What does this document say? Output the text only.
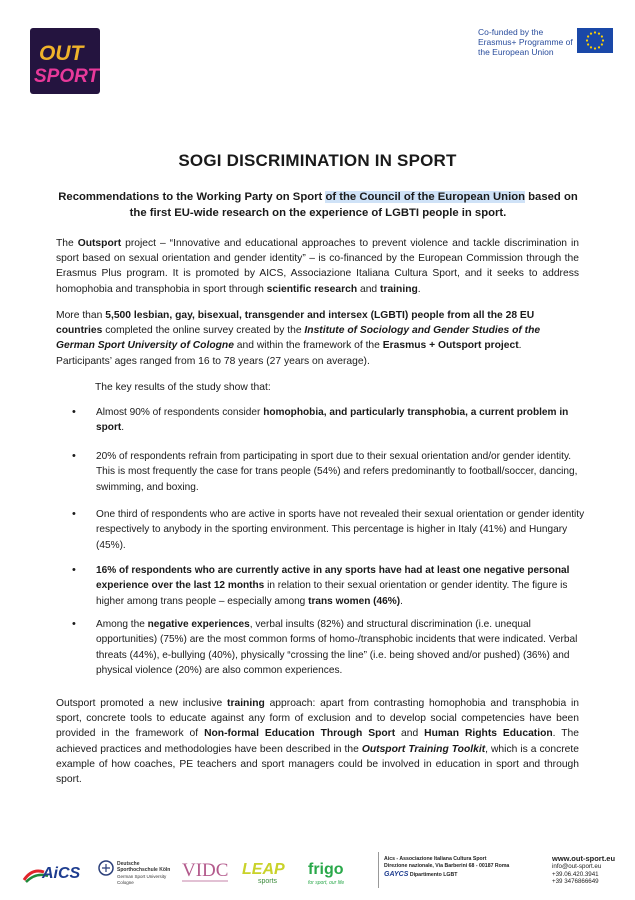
OUT
SPORT
Co-funded by the Erasmus+ Programme of the European Union
SOGI DISCRIMINATION IN SPORT
Recommendations to the Working Party on Sport of the Council of the European Union based on the first EU-wide research on the experience of LGBTI people in sport.
The Outsport project – “Innovative and educational approaches to prevent violence and tackle discrimination in sport based on sexual orientation and gender identity” – is co-financed by the European Commission through the Erasmus Plus program. It is promoted by AICS, Associazione Italiana Cultura Sport, and it seeks to address homophobia and transphobia in sport through scientific research and training.
More than 5,500 lesbian, gay, bisexual, transgender and intersex (LGBTI) people from all the 28 EU countries completed the online survey created by the Institute of Sociology and Gender Studies of the German Sport University of Cologne and within the framework of the Erasmus + Outsport project. Participants’ ages ranged from 16 to 78 years (27 years on average).
The key results of the study show that:
• Almost 90% of respondents consider homophobia, and particularly transphobia, a current problem in sport.
• 20% of respondents refrain from participating in sport due to their sexual orientation and/or gender identity. This is most frequently the case for trans people (54%) and refers predominantly to football/soccer, dancing, swimming, and boxing.
• One third of respondents who are active in sports have not revealed their sexual orientation or gender identity respectively to anybody in the sporting environment. This percentage is higher in Italy (41%) and Hungary (45%).
• 16% of respondents who are currently active in any sports have had at least one negative personal experience over the last 12 months in relation to their sexual orientation or gender identity. The figure is higher among trans people – especially among trans women (46%).
• Among the negative experiences, verbal insults (82%) and structural discrimination (i.e. unequal opportunities) (75%) are the most common forms of homo-/transphobic incidents that were indicated. Verbal threats (44%), e-bullying (40%), physically “crossing the line” (i.e. being shoved and/or pushed) (36%) and physical violence (20%) are also common experiences.
Outsport promoted a new inclusive training approach: apart from contrasting homophobia and transphobia in sport, concrete tools to educate against any form of exclusion and to develop social competencies have been provided in the framework of Non-formal Education Through Sport and Human Rights Education. The achieved practices and methodologies have been described in the Outsport Training Toolkit, which is a concrete example of how coaches, PE teachers and sport managers could be involved in education in sport and through sport.
AiCS
Deutsche Sporthochschule Köln
German Sport University Cologne
VIDC LEAP
sports
frigo
for sport, our life
Aics - Associazione Italiana Cultura Sport
Direzione nazionale, Via Barberini 68 - 00187 Roma
GAYCS Dipartimento LGBT
www.out-sport.eu
info@out-sport.eu
+39.06.420.3941
+39 3476866649
